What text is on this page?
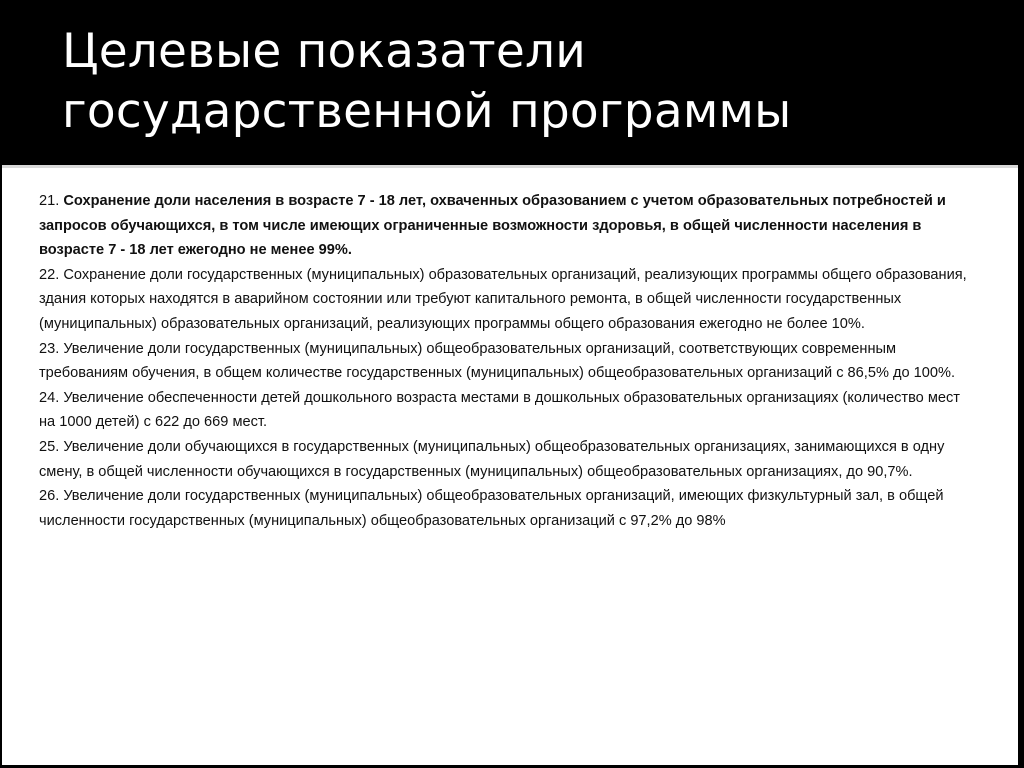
Целевые показатели
государственной программы

21. Сохранение доли населения в возрасте 7 - 18 лет, охваченных образованием с учетом образовательных потребностей и запросов обучающихся, в том числе имеющих ограниченные возможности здоровья, в общей численности населения в возрасте 7 - 18 лет ежегодно не менее 99%.

22. Сохранение доли государственных (муниципальных) образовательных организаций, реализующих программы общего образования, здания которых находятся в аварийном состоянии или требуют капитального ремонта, в общей численности государственных (муниципальных) образовательных организаций, реализующих программы общего образования ежегодно не более 10%.

23. Увеличение доли государственных (муниципальных) общеобразовательных организаций, соответствующих современным требованиям обучения, в общем количестве государственных (муниципальных) общеобразовательных организаций с 86,5% до 100%.

24. Увеличение обеспеченности детей дошкольного возраста местами в дошкольных образовательных организациях (количество мест на 1000 детей) с 622 до 669 мест.

25. Увеличение доли обучающихся в государственных (муниципальных) общеобразовательных организациях, занимающихся в одну смену, в общей численности обучающихся в государственных (муниципальных) общеобразовательных организациях, до 90,7%.

26. Увеличение доли государственных (муниципальных) общеобразовательных организаций, имеющих физкультурный зал, в общей численности государственных (муниципальных) общеобразовательных организаций с 97,2% до 98%
